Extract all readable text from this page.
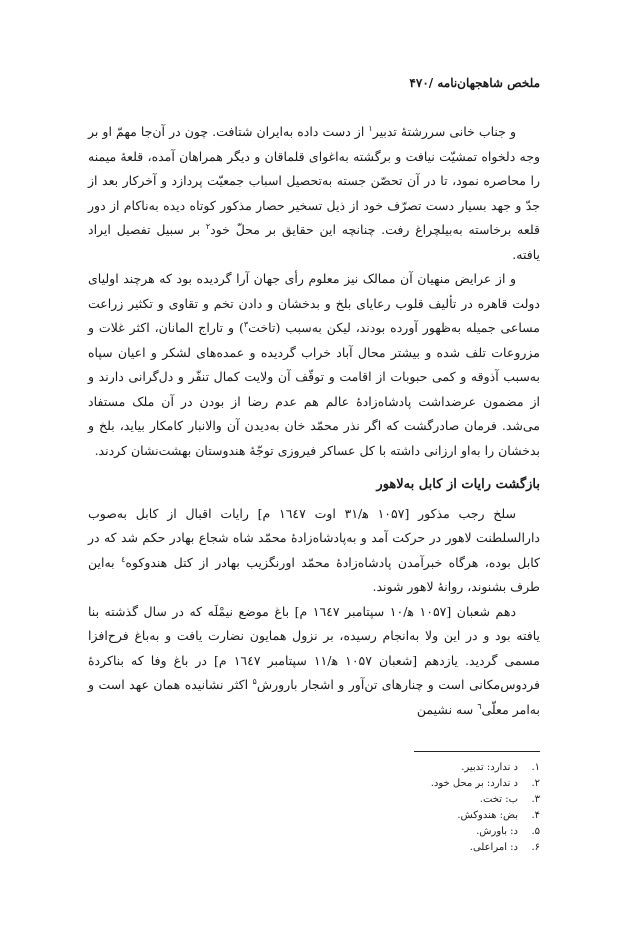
ملخص شاهجهان‌نامه /۴۷۰

و جناب خانی سررشتهٔ تدبیر$^۱$ از دست داده به‌ایران شتافت. چون در آن‌جا مهمّ او بر وجه دلخواه تمشیّت نیافت و برگشته به‌اغوای قلماقان و دیگر همراهان آمده، قلعهٔ میمنه را محاصره نمود، تا در آن تحصّن جسته به‌تحصیل اسباب جمعیّت پردازد و آخرکار بعد از جدّ و جهد بسیار دست تصرّف خود از ذیل تسخیر حصار مذکور کوتاه دیده به‌ناکام از دور قلعه برخاسته به‌بیلچراغ رفت. چنانچه این حقایق بر محلّ خود$^۲$ بر سبیل تفصیل ایراد یافته.

و از عرایض منهیان آن ممالک نیز معلوم رأی جهان آرا گردیده بود که هرچند اولیای دولت قاهره در تألیف قلوب رعایای بلخ و بدخشان و دادن تخم و تقاوی و تکثیر زراعت مساعی جمیله به‌ظهور آورده بودند، لیکن به‌سبب (تاخت$^۳$) و تاراج المانان، اکثر غلات و مزروعات تلف شده و بیشتر محال آباد خراب گردیده و عمده‌های لشکر و اعیان سپاه به‌سبب آذوقه و کمی حبوبات از اقامت و توقّف آن ولایت کمال تنفّر و دل‌گرانی دارند و از مضمون عرضداشت پادشاه‌زادهٔ عالم هم عدم رضا از بودن در آن ملک مستفاد می‌شد. فرمان صادرگشت که اگر نذر محمّد خان به‌دیدن آن والانبار کامکار بیاید، بلخ و بدخشان را به‌او ارزانی داشته با کل عساکر فیروزی توجّهٔ هندوستان بهشت‌نشان کردند.

بازگشت رایات از کابل به‌لاهور

سلخ رجب مذکور [۱۰۵۷ ه‍/۳۱ اوت ۱٦٤٧ م] رایات اقبال از کابل به‌صوب دارالسلطنت لاهور در حرکت آمد و به‌پادشاه‌زادهٔ محمّد شاه شجاع بهادر حکم شد که در کابل بوده، هرگاه خبرآمدن پادشاه‌زادهٔ محمّد اورنگزیب بهادر از کتل هندوکوه$^٤$ به‌این طرف بشنوند، روانهٔ لاهور شوند.

دهم شعبان [۱۰۵۷ ه‍/۱۰ سپتامبر ۱٦٤٧ م] باغ موضع نیمْلَه که در سال گذشته بنا یافته بود و در این ولا به‌انجام رسیده، بر نزول همایون نضارت یافت و به‌باغ فرح‌افزا مسمی گردید. یازدهم [شعبان ۱۰۵۷ ه‍/۱۱ سپتامبر ۱٦٤٧ م] در باغ وفا که بناکردهٔ فردوس‌مکانی است و چنارهای تن‌آور و اشجار بارورش$^۵$ اکثر نشانیده همان عهد است و به‌امر معلّی$^٦$ سه نشیمن

۱.د ندارد: تدبیر.
۲.د ندارد: بر محل خود.
۳.ب: تخت.
۴.بض: هندوکش.
۵.د: باورش.
۶.د: امراعلی.
